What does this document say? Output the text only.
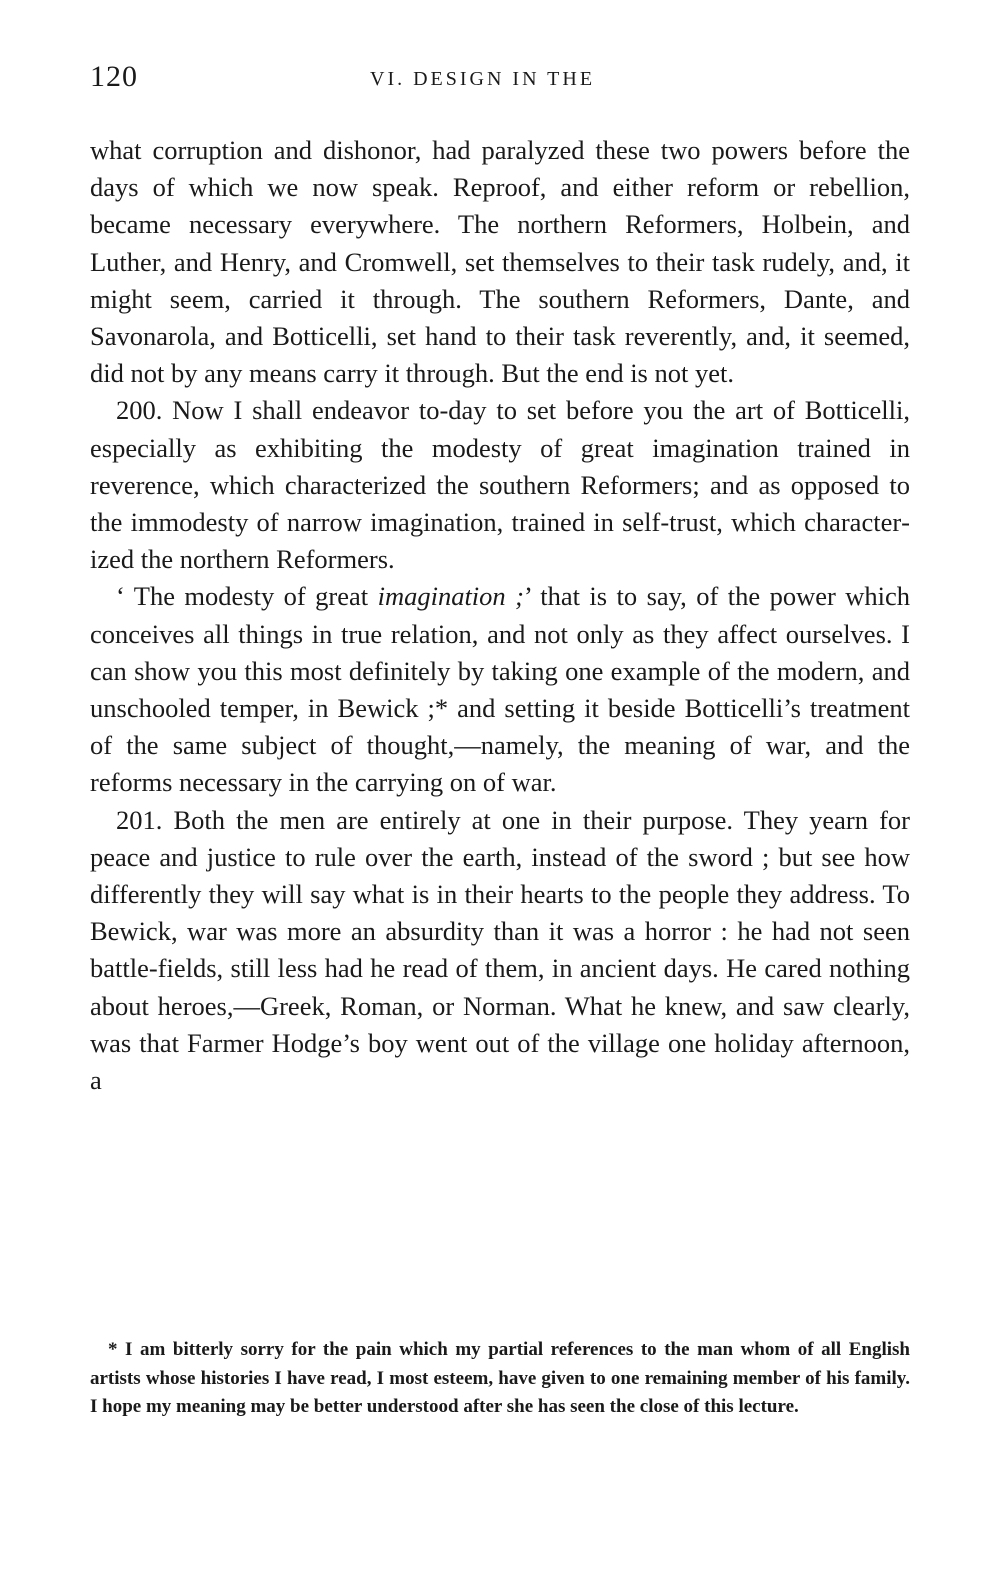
120	VI. DESIGN IN THE

what corruption and dishonor, had paralyzed these two powers before the days of which we now speak. Reproof, and either reform or rebellion, became necessary everywhere. The northern Reformers, Holbein, and Luther, and Henry, and Cromwell, set themselves to their task rudely, and, it might seem, carried it through. The southern Reformers, Dante, and Savonarola, and Botticelli, set hand to their task reverently, and, it seemed, did not by any means carry it through. But the end is not yet.

200. Now I shall endeavor to-day to set before you the art of Botticelli, especially as exhibiting the modesty of great imagination trained in reverence, which characterized the southern Reformers; and as opposed to the immodesty of narrow imagination, trained in self-trust, which characterized the northern Reformers.

‘ The modesty of great imagination ;’ that is to say, of the power which conceives all things in true relation, and not only as they affect ourselves. I can show you this most definitely by taking one example of the modern, and unschooled temper, in Bewick ;* and setting it beside Botticelli’s treatment of the same subject of thought,—namely, the meaning of war, and the reforms necessary in the carrying on of war.

201. Both the men are entirely at one in their purpose. They yearn for peace and justice to rule over the earth, instead of the sword ; but see how differently they will say what is in their hearts to the people they address. To Bewick, war was more an absurdity than it was a horror : he had not seen battle-fields, still less had he read of them, in ancient days. He cared nothing about heroes,—Greek, Roman, or Norman. What he knew, and saw clearly, was that Farmer Hodge’s boy went out of the village one holiday afternoon, a

* I am bitterly sorry for the pain which my partial references to the man whom of all English artists whose histories I have read, I most esteem, have given to one remaining member of his family. I hope my meaning may be better understood after she has seen the close of this lecture.
